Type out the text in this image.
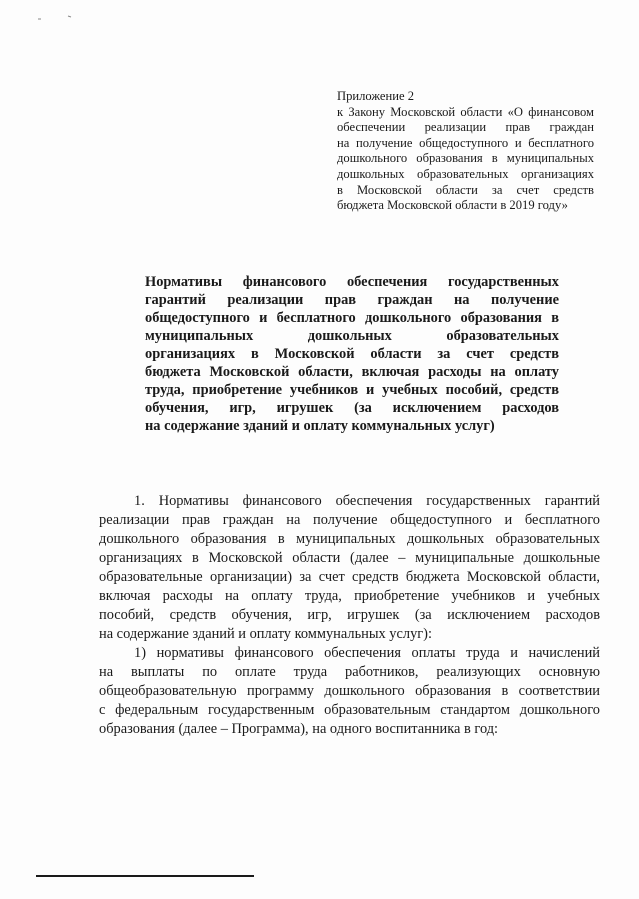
Приложение 2
к Закону Московской области «О финансовом
обеспечении реализации прав граждан
на получение общедоступного и бесплатного
дошкольного образования в муниципальных
дошкольных образовательных организациях
в Московской области за счет средств
бюджета Московской области в 2019 году»
Нормативы финансового обеспечения государственных
гарантий реализации прав граждан на получение
общедоступного и бесплатного дошкольного образования в
муниципальных дошкольных образовательных
организациях в Московской области за счет средств
бюджета Московской области, включая расходы на оплату
труда, приобретение учебников и учебных пособий, средств
обучения, игр, игрушек (за исключением расходов
на содержание зданий и оплату коммунальных услуг)
1. Нормативы финансового обеспечения государственных гарантий
реализации прав граждан на получение общедоступного и бесплатного
дошкольного образования в муниципальных дошкольных образовательных
организациях в Московской области (далее – муниципальные дошкольные
образовательные организации) за счет средств бюджета Московской области,
включая расходы на оплату труда, приобретение учебников и учебных
пособий, средств обучения, игр, игрушек (за исключением расходов
на содержание зданий и оплату коммунальных услуг):
1) нормативы финансового обеспечения оплаты труда и начислений
на выплаты по оплате труда работников, реализующих основную
общеобразовательную программу дошкольного образования в соответствии
с федеральным государственным образовательным стандартом дошкольного
образования (далее – Программа), на одного воспитанника в год:
